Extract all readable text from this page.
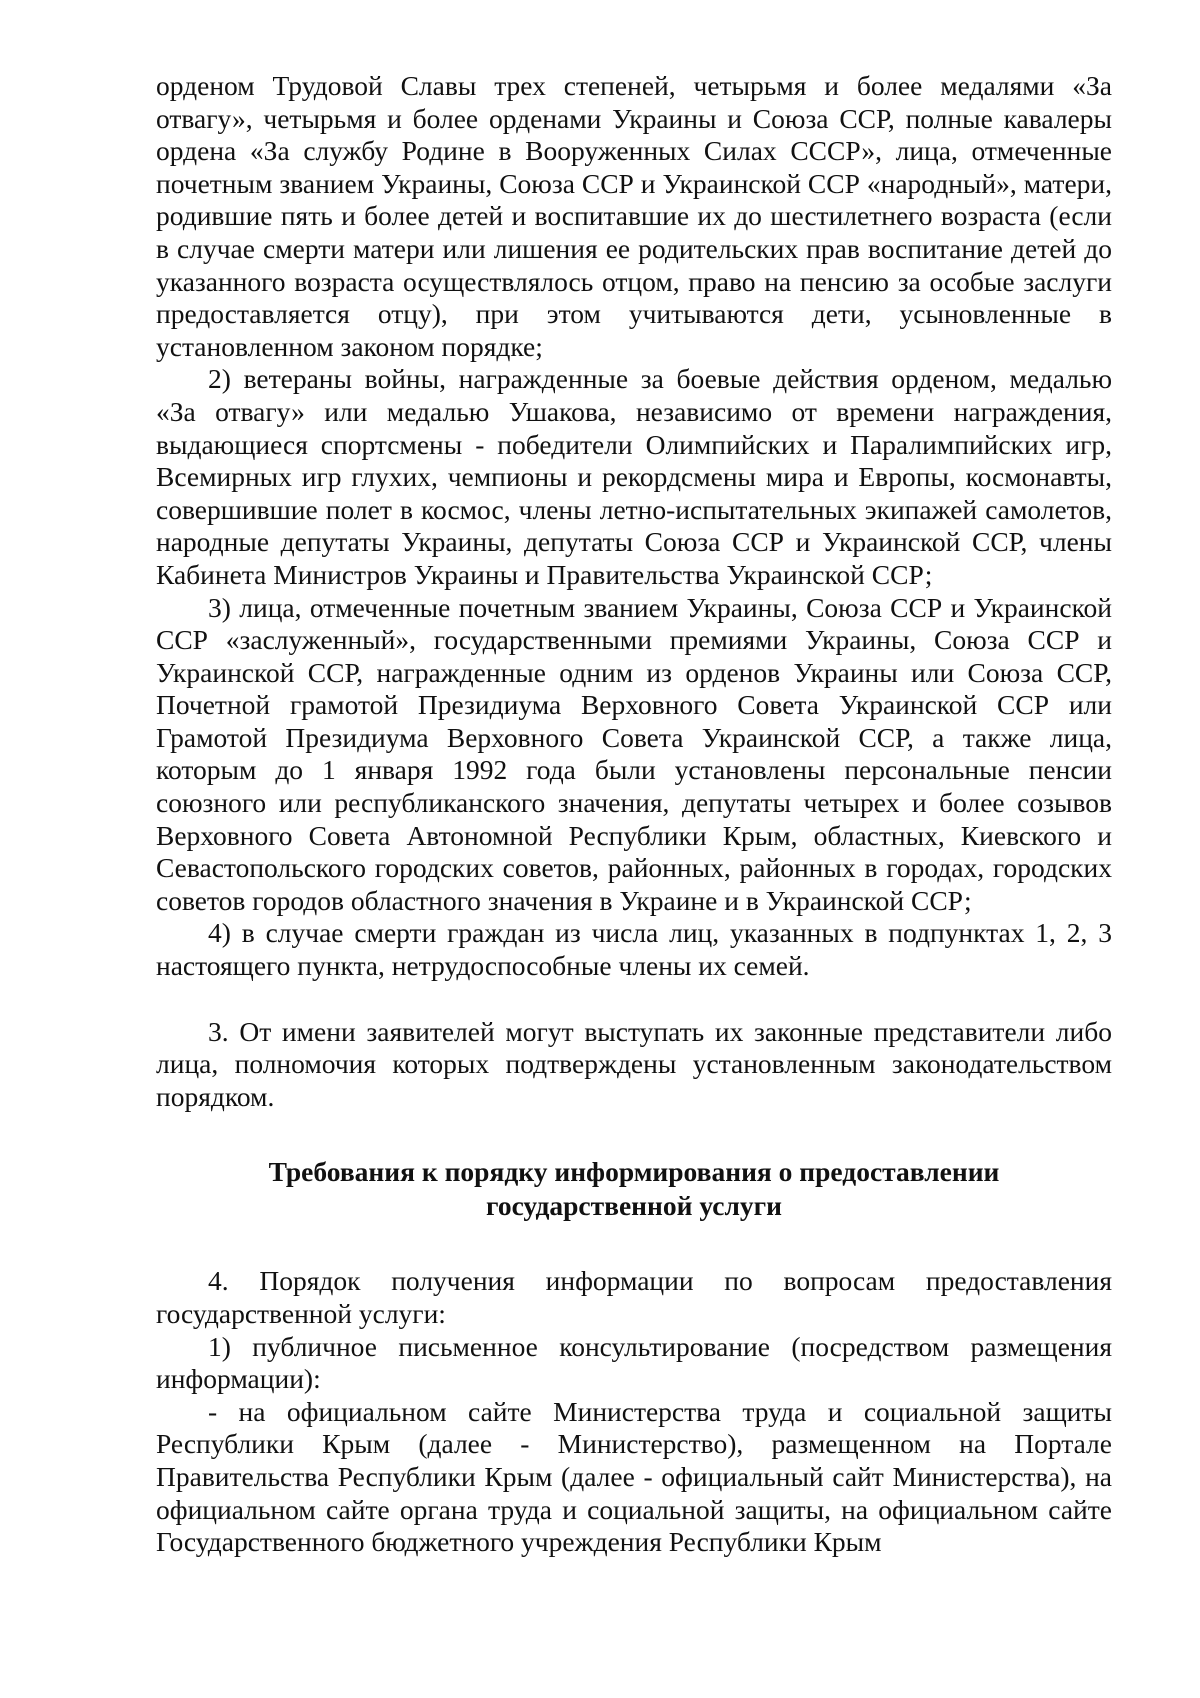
орденом Трудовой Славы трех степеней, четырьмя и более медалями «За отвагу», четырьмя и более орденами Украины и Союза ССР, полные кавалеры ордена «За службу Родине в Вооруженных Силах СССР», лица, отмеченные почетным званием Украины, Союза ССР и Украинской ССР «народный», матери, родившие пять и более детей и воспитавшие их до шестилетнего возраста (если в случае смерти матери или лишения ее родительских прав воспитание детей до указанного возраста осуществлялось отцом, право на пенсию за особые заслуги предоставляется отцу), при этом учитываются дети, усыновленные в установленном законом порядке;

2) ветераны войны, награжденные за боевые действия орденом, медалью «За отвагу» или медалью Ушакова, независимо от времени награждения, выдающиеся спортсмены - победители Олимпийских и Паралимпийских игр, Всемирных игр глухих, чемпионы и рекордсмены мира и Европы, космонавты, совершившие полет в космос, члены летно-испытательных экипажей самолетов, народные депутаты Украины, депутаты Союза ССР и Украинской ССР, члены Кабинета Министров Украины и Правительства Украинской ССР;

3) лица, отмеченные почетным званием Украины, Союза ССР и Украинской ССР «заслуженный», государственными премиями Украины, Союза ССР и Украинской ССР, награжденные одним из орденов Украины или Союза ССР, Почетной грамотой Президиума Верховного Совета Украинской ССР или Грамотой Президиума Верховного Совета Украинской ССР, а также лица, которым до 1 января 1992 года были установлены персональные пенсии союзного или республиканского значения, депутаты четырех и более созывов Верховного Совета Автономной Республики Крым, областных, Киевского и Севастопольского городских советов, районных, районных в городах, городских советов городов областного значения в Украине и в Украинской ССР;

4) в случае смерти граждан из числа лиц, указанных в подпунктах 1, 2, 3 настоящего пункта, нетрудоспособные члены их семей.

3. От имени заявителей могут выступать их законные представители либо лица, полномочия которых подтверждены установленным законодательством порядком.

Требования к порядку информирования о предоставлении

государственной услуги

4. Порядок получения информации по вопросам предоставления государственной услуги:

1) публичное письменное консультирование (посредством размещения информации):

- на официальном сайте Министерства труда и социальной защиты Республики Крым (далее - Министерство), размещенном на Портале Правительства Республики Крым (далее - официальный сайт Министерства), на официальном сайте органа труда и социальной защиты, на официальном сайте Государственного бюджетного учреждения Республики Крым
